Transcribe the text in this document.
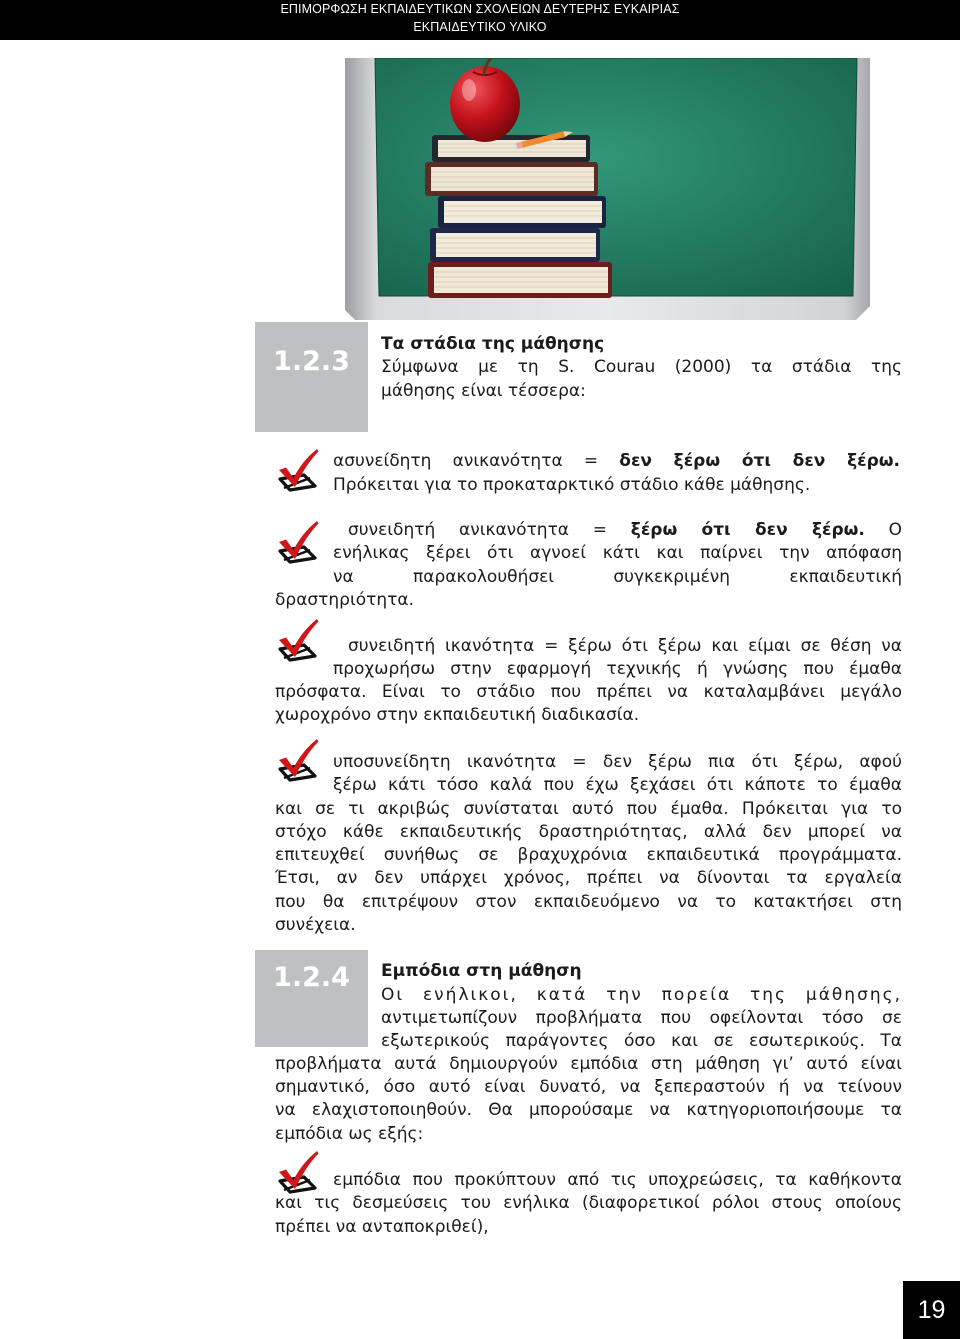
ΕΠΙΜΟΡΦΩΣΗ ΕΚΠΑΙΔΕΥΤΙΚΩΝ ΣΧΟΛΕΙΩΝ ΔΕΥΤΕΡΗΣ ΕΥΚΑΙΡΙΑΣ
ΕΚΠΑΙΔΕΥΤΙΚΟ ΥΛΙΚΟ
1.2.3
Τα στάδια της μάθησης
Σύμφωνα με τη S. Courau (2000) τα στάδια της
μάθησης είναι τέσσερα:
ασυνείδητη ανικανότητα = δεν ξέρω ότι δεν ξέρω.
Πρόκειται για το προκαταρκτικό στάδιο κάθε μάθησης.
συνειδητή ανικανότητα = ξέρω ότι δεν ξέρω. Ο
ενήλικας ξέρει ότι αγνοεί κάτι και παίρνει την απόφαση
να παρακολουθήσει συγκεκριμένη εκπαιδευτική
δραστηριότητα.
συνειδητή ικανότητα = ξέρω ότι ξέρω και είμαι σε θέση να
προχωρήσω στην εφαρμογή τεχνικής ή γνώσης που έμαθα
πρόσφατα. Είναι το στάδιο που πρέπει να καταλαμβάνει μεγάλο
χωροχρόνο στην εκπαιδευτική διαδικασία.
υποσυνείδητη ικανότητα = δεν ξέρω πια ότι ξέρω, αφού
ξέρω κάτι τόσο καλά που έχω ξεχάσει ότι κάποτε το έμαθα
και σε τι ακριβώς συνίσταται αυτό που έμαθα. Πρόκειται για το
στόχο κάθε εκπαιδευτικής δραστηριότητας, αλλά δεν μπορεί να
επιτευχθεί συνήθως σε βραχυχρόνια εκπαιδευτικά προγράμματα.
Έτσι, αν δεν υπάρχει χρόνος, πρέπει να δίνονται τα εργαλεία
που θα επιτρέψουν στον εκπαιδευόμενο να το κατακτήσει στη
συνέχεια.
1.2.4	Εμπόδια στη μάθηση
Οι ενήλικοι, κατά την πορεία της μάθησης,
αντιμετωπίζουν προβλήματα που οφείλονται τόσο σε
εξωτερικούς παράγοντες όσο και σε εσωτερικούς. Τα
προβλήματα αυτά δημιουργούν εμπόδια στη μάθηση γι’ αυτό είναι
σημαντικό, όσο αυτό είναι δυνατό, να ξεπεραστούν ή να τείνουν
να ελαχιστοποιηθούν. Θα μπορούσαμε να κατηγοριοποιήσουμε τα
εμπόδια ως εξής:
εμπόδια που προκύπτουν από τις υποχρεώσεις, τα καθήκοντα
και τις δεσμεύσεις του ενήλικα (διαφορετικοί ρόλοι στους οποίους
πρέπει να ανταποκριθεί),
19
